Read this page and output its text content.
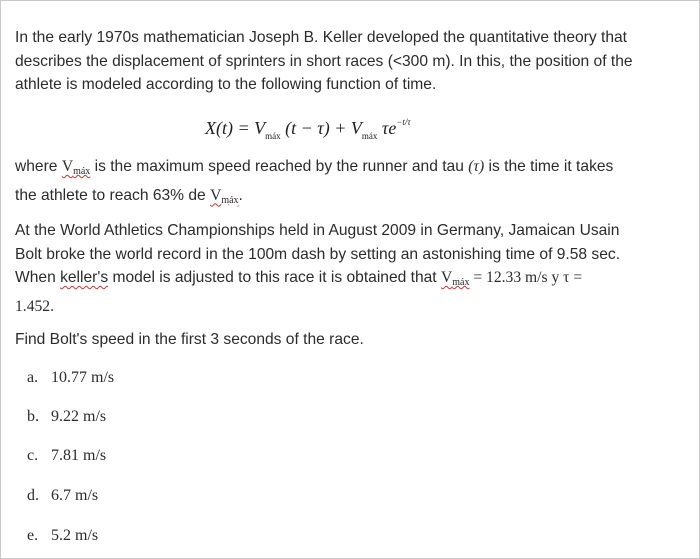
In the early 1970s mathematician Joseph B. Keller developed the quantitative theory that
describes the displacement of sprinters in short races (<300 m). In this, the position of the
athlete is modeled according to the following function of time.
$X(t) = V_{máx}$ $(t - \tau) + V_{máx}$ $\tau e^{-t/\tau}$
where $V_{máx}$ is the maximum speed reached by the runner and tau (τ) is the time it takes
the athlete to reach 63% de $V_{máx}$.
At the World Athletics Championships held in August 2009 in Germany, Jamaican Usain
Bolt broke the world record in the 100m dash by setting an astonishing time of 9.58 sec.
When keller's model is adjusted to this race it is obtained that $V_{máx} = 12.33$ m/s y τ =
1.452.
Find Bolt's speed in the first 3 seconds of the race.
a. 10.77 m/s
b. 9.22 m/s
c. 7.81 m/s
d. 6.7 m/s
e. 5.2 m/s
